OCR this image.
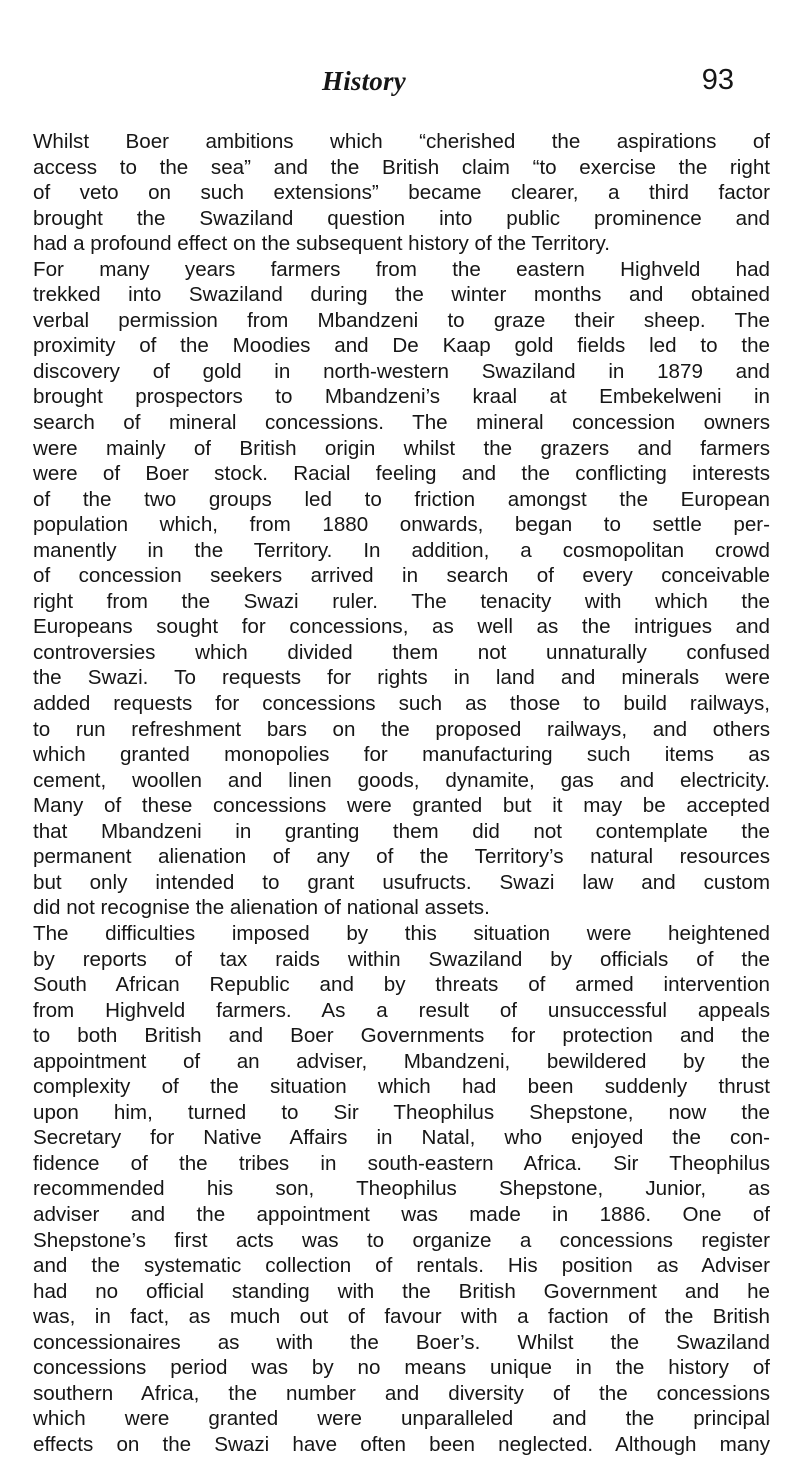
History	93
Whilst Boer ambitions which “cherished the aspirations of
access to the sea” and the British claim “to exercise the right
of veto on such extensions” became clearer, a third factor
brought the Swaziland question into public prominence and
had a profound effect on the subsequent history of the Territory.
For many years farmers from the eastern Highveld had
trekked into Swaziland during the winter months and obtained
verbal permission from Mbandzeni to graze their sheep. The
proximity of the Moodies and De Kaap gold fields led to the
discovery of gold in north-western Swaziland in 1879 and
brought prospectors to Mbandzeni’s kraal at Embekelweni in
search of mineral concessions. The mineral concession owners
were mainly of British origin whilst the grazers and farmers
were of Boer stock. Racial feeling and the conflicting interests
of the two groups led to friction amongst the European
population which, from 1880 onwards, began to settle per-
manently in the Territory. In addition, a cosmopolitan crowd
of concession seekers arrived in search of every conceivable
right from the Swazi ruler. The tenacity with which the
Europeans sought for concessions, as well as the intrigues and
controversies which divided them not unnaturally confused
the Swazi. To requests for rights in land and minerals were
added requests for concessions such as those to build railways,
to run refreshment bars on the proposed railways, and others
which granted monopolies for manufacturing such items as
cement, woollen and linen goods, dynamite, gas and electricity.
Many of these concessions were granted but it may be accepted
that Mbandzeni in granting them did not contemplate the
permanent alienation of any of the Territory’s natural resources
but only intended to grant usufructs. Swazi law and custom
did not recognise the alienation of national assets.
The difficulties imposed by this situation were heightened
by reports of tax raids within Swaziland by officials of the
South African Republic and by threats of armed intervention
from Highveld farmers. As a result of unsuccessful appeals
to both British and Boer Governments for protection and the
appointment of an adviser, Mbandzeni, bewildered by the
complexity of the situation which had been suddenly thrust
upon him, turned to Sir Theophilus Shepstone, now the
Secretary for Native Affairs in Natal, who enjoyed the con-
fidence of the tribes in south-eastern Africa. Sir Theophilus
recommended his son, Theophilus Shepstone, Junior, as
adviser and the appointment was made in 1886. One of
Shepstone’s first acts was to organize a concessions register
and the systematic collection of rentals. His position as Adviser
had no official standing with the British Government and he
was, in fact, as much out of favour with a faction of the British
concessionaires as with the Boer’s. Whilst the Swaziland
concessions period was by no means unique in the history of
southern Africa, the number and diversity of the concessions
which were granted were unparalleled and the principal
effects on the Swazi have often been neglected. Although many
